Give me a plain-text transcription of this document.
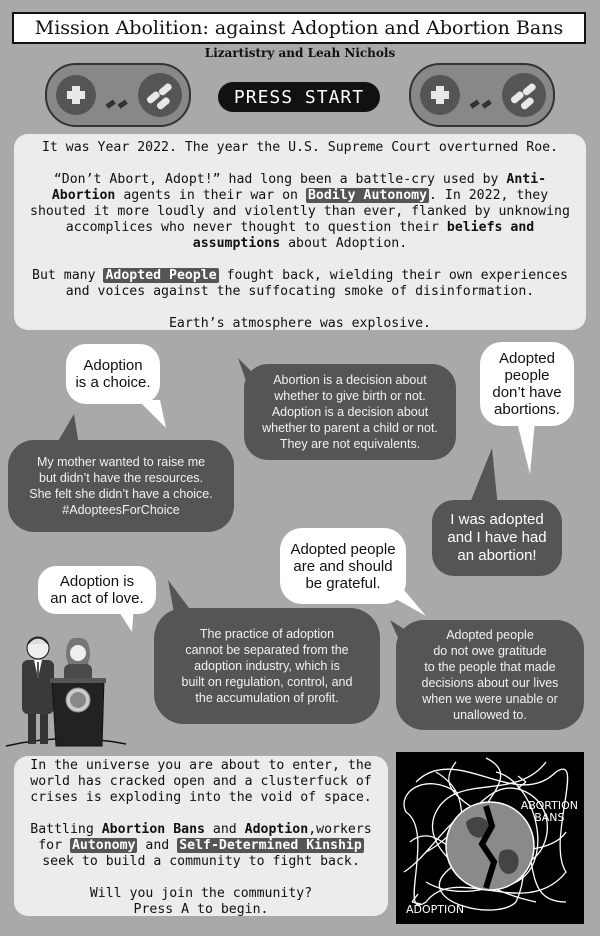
Mission Abolition: against Adoption and Abortion Bans
Lizartistry and Leah Nichols
PRESS START

It was Year 2022. The year the U.S. Supreme Court overturned Roe.

“Don’t Abort, Adopt!” had long been a battle-cry used by Anti-Abortion agents in their war on Bodily Autonomy . In 2022, they shouted it more loudly and violently than ever, flanked by unknowing accomplices who never thought to question their beliefs and assumptions about Adoption.

But many Adopted People fought back, wielding their own experiences and voices against the suffocating smoke of disinformation.

Earth’s atmosphere was explosive.

Adoption
is a choice.	Abortion is a decision about
whether to give birth or not.
Adoption is a decision about
whether to parent a child or not.
They are not equivalents.
Adopted
people
don’t have
abortions.
My mother wanted to raise me
but didn’t have the resources.
She felt she didn’t have a choice.
#AdopteesForChoice
I was adopted
and I have had
an abortion!
Adopted people
are and should
be grateful.
Adoption is
an act of love.
The practice of adoption
cannot be separated from the
adoption industry, which is
built on regulation, control, and
the accumulation of profit.
Adopted people
do not owe gratitude
to the people that made
decisions about our lives
when we were unable or
unallowed to.

In the universe you are about to enter, the world has cracked open and a clusterfuck of crises is exploding into the void of space.

Battling Abortion Bans and Adoption,workers for Autonomy and Self-Determined Kinship seek to build a community to fight back.

Will you join the community?
Press A to begin.

ABORTION
BANS
ADOPTION
